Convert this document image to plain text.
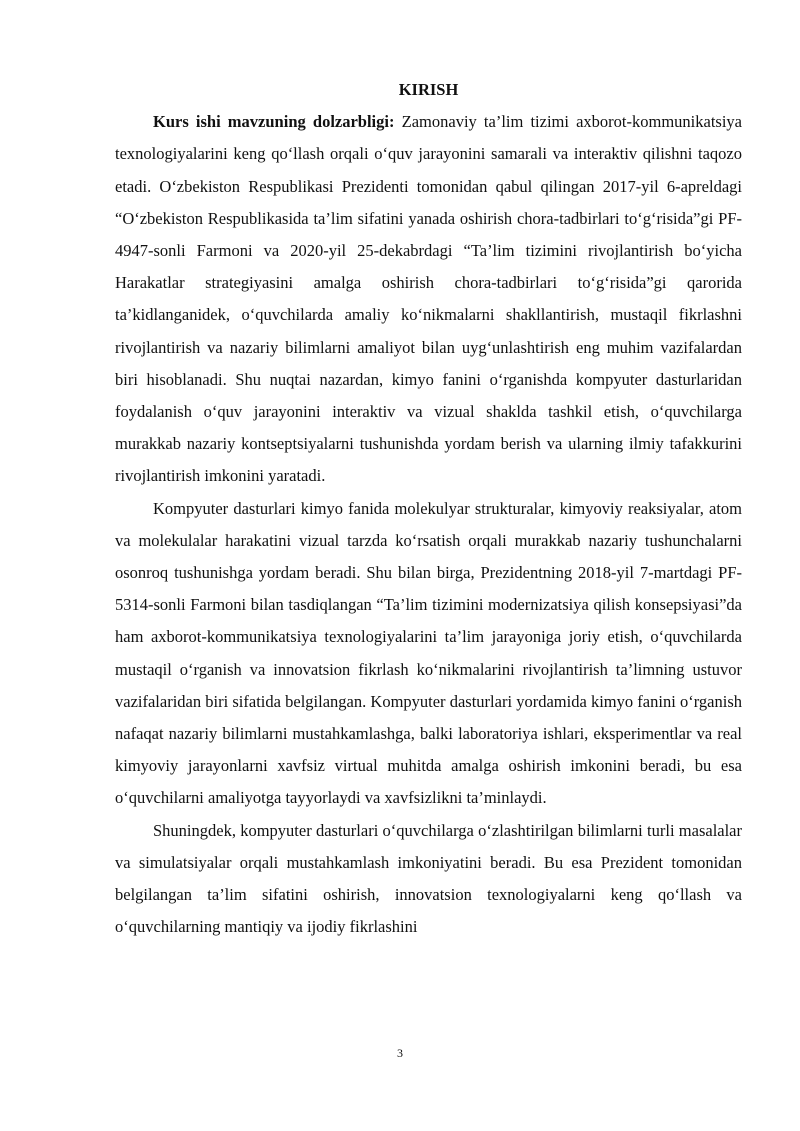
KIRISH

Kurs ishi mavzuning dolzarbligi: Zamonaviy ta’lim tizimi axborot-kommunikatsiya texnologiyalarini keng qo‘llash orqali o‘quv jarayonini samarali va interaktiv qilishni taqozo etadi. O‘zbekiston Respublikasi Prezidenti tomonidan qabul qilingan 2017-yil 6-apreldagi “O‘zbekiston Respublikasida ta’lim sifatini yanada oshirish chora-tadbirlari to‘g‘risida”gi PF-4947-sonli Farmoni va 2020-yil 25-dekabrdagi “Ta’lim tizimini rivojlantirish bo‘yicha Harakatlar strategiyasini amalga oshirish chora-tadbirlari to‘g‘risida”gi qarorida ta’kidlanganidek, o‘quvchilarda amaliy ko‘nikmalarni shakllantirish, mustaqil fikrlashni rivojlantirish va nazariy bilimlarni amaliyot bilan uyg‘unlashtirish eng muhim vazifalardan biri hisoblanadi. Shu nuqtai nazardan, kimyo fanini o‘rganishda kompyuter dasturlaridan foydalanish o‘quv jarayonini interaktiv va vizual shaklda tashkil etish, o‘quvchilarga murakkab nazariy kontseptsiyalarni tushunishda yordam berish va ularning ilmiy tafakkurini rivojlantirish imkonini yaratadi.

Kompyuter dasturlari kimyo fanida molekulyar strukturalar, kimyoviy reaksiyalar, atom va molekulalar harakatini vizual tarzda ko‘rsatish orqali murakkab nazariy tushunchalarni osonroq tushunishga yordam beradi. Shu bilan birga, Prezidentning 2018-yil 7-martdagi PF-5314-sonli Farmoni bilan tasdiqlangan “Ta’lim tizimini modernizatsiya qilish konsepsiyasi”da ham axborot-kommunikatsiya texnologiyalarini ta’lim jarayoniga joriy etish, o‘quvchilarda mustaqil o‘rganish va innovatsion fikrlash ko‘nikmalarini rivojlantirish ta’limning ustuvor vazifalaridan biri sifatida belgilangan. Kompyuter dasturlari yordamida kimyo fanini o‘rganish nafaqat nazariy bilimlarni mustahkamlashga, balki laboratoriya ishlari, eksperimentlar va real kimyoviy jarayonlarni xavfsiz virtual muhitda amalga oshirish imkonini beradi, bu esa o‘quvchilarni amaliyotga tayyorlaydi va xavfsizlikni ta’minlaydi.

Shuningdek, kompyuter dasturlari o‘quvchilarga o‘zlashtirilgan bilimlarni turli masalalar va simulatsiyalar orqali mustahkamlash imkoniyatini beradi. Bu esa Prezident tomonidan belgilangan ta’lim sifatini oshirish, innovatsion texnologiyalarni keng qo‘llash va o‘quvchilarning mantiqiy va ijodiy fikrlashini

3
